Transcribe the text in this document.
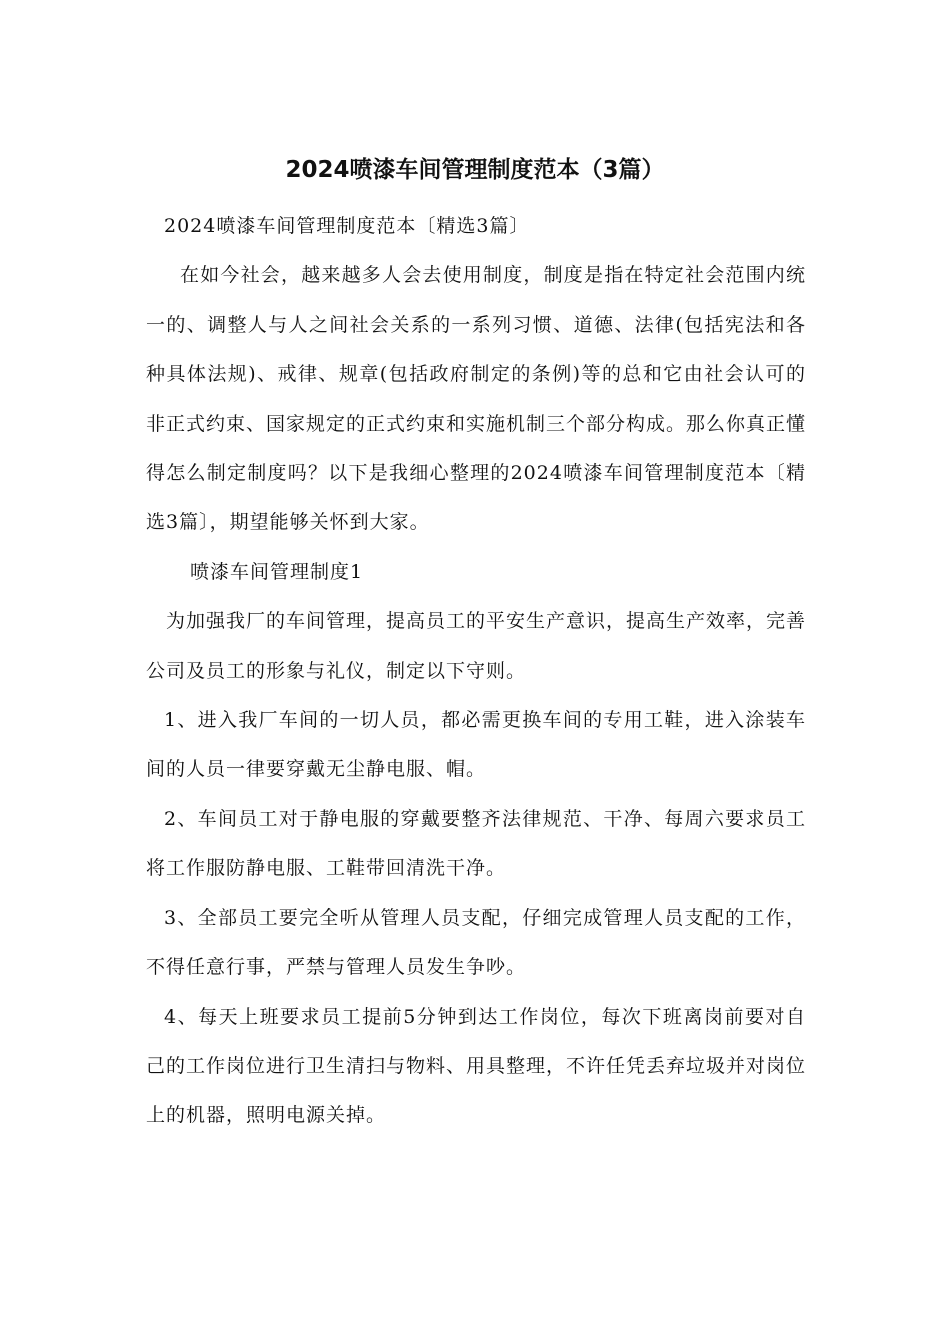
2024喷漆车间管理制度范本（3篇）

2024喷漆车间管理制度范本〔精选3篇〕

在如今社会，越来越多人会去使用制度，制度是指在特定社会范围内统一的、调整人与人之间社会关系的一系列习惯、道德、法律(包括宪法和各种具体法规)、戒律、规章(包括政府制定的条例)等的总和它由社会认可的非正式约束、国家规定的正式约束和实施机制三个部分构成。那么你真正懂得怎么制定制度吗？以下是我细心整理的2024喷漆车间管理制度范本〔精选3篇〕，期望能够关怀到大家。

喷漆车间管理制度1

为加强我厂的车间管理，提高员工的平安生产意识，提高生产效率，完善公司及员工的形象与礼仪，制定以下守则。

1、进入我厂车间的一切人员，都必需更换车间的专用工鞋，进入涂装车间的人员一律要穿戴无尘静电服、帽。

2、车间员工对于静电服的穿戴要整齐法律规范、干净、每周六要求员工将工作服防静电服、工鞋带回清洗干净。

3、全部员工要完全听从管理人员支配，仔细完成管理人员支配的工作，不得任意行事，严禁与管理人员发生争吵。

4、每天上班要求员工提前5分钟到达工作岗位，每次下班离岗前要对自己的工作岗位进行卫生清扫与物料、用具整理，不许任凭丢弃垃圾并对岗位上的机器，照明电源关掉。
